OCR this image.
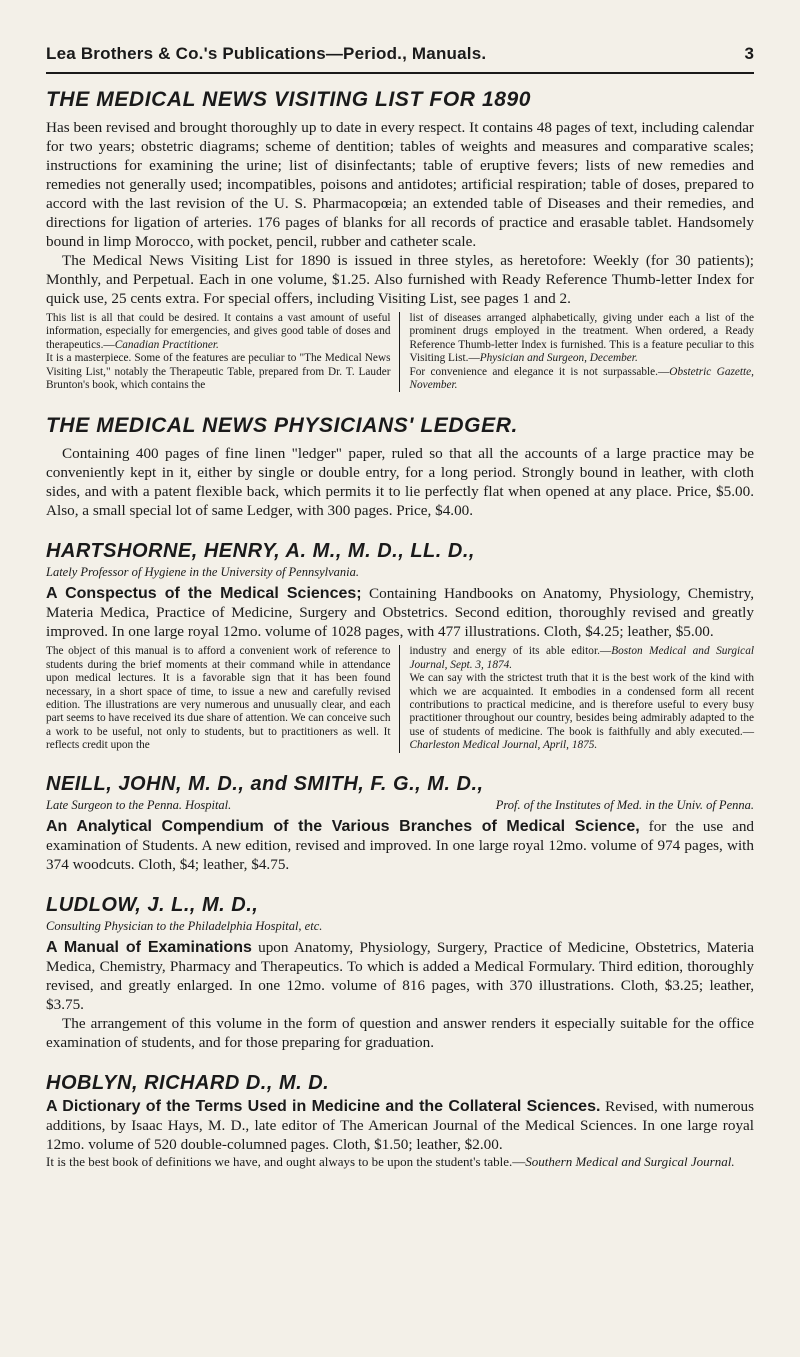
Lea Brothers & Co.'s Publications—Period., Manuals.	3
THE MEDICAL NEWS VISITING LIST FOR 1890

Has been revised and brought thoroughly up to date in every respect. It contains 48 pages of text, including calendar for two years; obstetric diagrams; scheme of dentition; tables of weights and measures and comparative scales; instructions for examining the urine; list of disinfectants; table of eruptive fevers; lists of new remedies and remedies not generally used; incompatibles, poisons and antidotes; artificial respiration; table of doses, prepared to accord with the last revision of the U. S. Pharmacopœia; an extended table of Diseases and their remedies, and directions for ligation of arteries. 176 pages of blanks for all records of practice and erasable tablet. Handsomely bound in limp Morocco, with pocket, pencil, rubber and catheter scale.

The Medical News Visiting List for 1890 is issued in three styles, as heretofore: Weekly (for 30 patients); Monthly, and Perpetual. Each in one volume, $1.25. Also furnished with Ready Reference Thumb-letter Index for quick use, 25 cents extra. For special offers, including Visiting List, see pages 1 and 2.

This list is all that could be desired. It contains a vast amount of useful information, especially for emergencies, and gives good table of doses and therapeutics.—Canadian Practitioner.
It is a masterpiece. Some of the features are peculiar to "The Medical News Visiting List," notably the Therapeutic Table, prepared from Dr. T. Lauder Brunton's book, which contains the
list of diseases arranged alphabetically, giving under each a list of the prominent drugs employed in the treatment. When ordered, a Ready Reference Thumb-letter Index is furnished. This is a feature peculiar to this Visiting List.—Physician and Surgeon, December.
For convenience and elegance it is not surpassable.—Obstetric Gazette, November.
THE MEDICAL NEWS PHYSICIANS' LEDGER.

Containing 400 pages of fine linen "ledger" paper, ruled so that all the accounts of a large practice may be conveniently kept in it, either by single or double entry, for a long period. Strongly bound in leather, with cloth sides, and with a patent flexible back, which permits it to lie perfectly flat when opened at any place. Price, $5.00. Also, a small special lot of same Ledger, with 300 pages. Price, $4.00.

HARTSHORNE, HENRY, A. M., M. D., LL. D.,
Lately Professor of Hygiene in the University of Pennsylvania.

A Conspectus of the Medical Sciences; Containing Handbooks on Anatomy, Physiology, Chemistry, Materia Medica, Practice of Medicine, Surgery and Obstetrics. Second edition, thoroughly revised and greatly improved. In one large royal 12mo. volume of 1028 pages, with 477 illustrations. Cloth, $4.25; leather, $5.00.

The object of this manual is to afford a convenient work of reference to students during the brief moments at their command while in attendance upon medical lectures. It is a favorable sign that it has been found necessary, in a short space of time, to issue a new and carefully revised edition. The illustrations are very numerous and unusually clear, and each part seems to have received its due share of attention. We can conceive such a work to be useful, not only to students, but to practitioners as well. It reflects credit upon the
industry and energy of its able editor.—Boston Medical and Surgical Journal, Sept. 3, 1874.
We can say with the strictest truth that it is the best work of the kind with which we are acquainted. It embodies in a condensed form all recent contributions to practical medicine, and is therefore useful to every busy practitioner throughout our country, besides being admirably adapted to the use of students of medicine. The book is faithfully and ably executed.—Charleston Medical Journal, April, 1875.
NEILL, JOHN, M. D., and SMITH, F. G., M. D.,
Late Surgeon to the Penna. Hospital.	Prof. of the Institutes of Med. in the Univ. of Penna.

An Analytical Compendium of the Various Branches of Medical Science, for the use and examination of Students. A new edition, revised and improved. In one large royal 12mo. volume of 974 pages, with 374 woodcuts. Cloth, $4; leather, $4.75.

LUDLOW, J. L., M. D.,
Consulting Physician to the Philadelphia Hospital, etc.

A Manual of Examinations upon Anatomy, Physiology, Surgery, Practice of Medicine, Obstetrics, Materia Medica, Chemistry, Pharmacy and Therapeutics. To which is added a Medical Formulary. Third edition, thoroughly revised, and greatly enlarged. In one 12mo. volume of 816 pages, with 370 illustrations. Cloth, $3.25; leather, $3.75.

The arrangement of this volume in the form of question and answer renders it especially suitable for the office examination of students, and for those preparing for graduation.

HOBLYN, RICHARD D., M. D.

A Dictionary of the Terms Used in Medicine and the Collateral Sciences. Revised, with numerous additions, by Isaac Hays, M. D., late editor of The American Journal of the Medical Sciences. In one large royal 12mo. volume of 520 double-columned pages. Cloth, $1.50; leather, $2.00.

It is the best book of definitions we have, and ought always to be upon the student's table.—Southern Medical and Surgical Journal.
